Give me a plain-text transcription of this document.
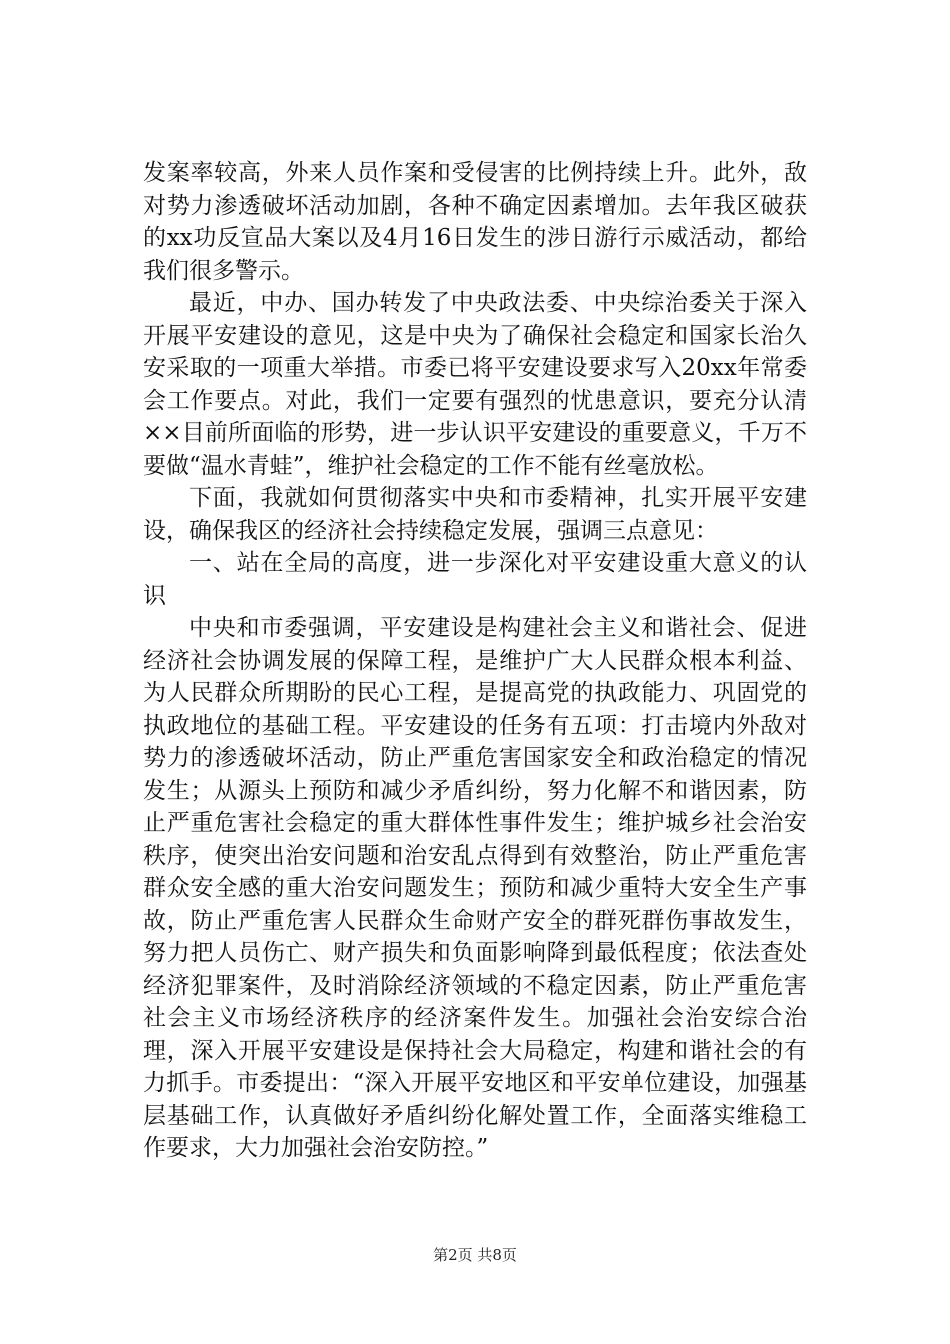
发案率较高，外来人员作案和受侵害的比例持续上升。此外，敌对势力渗透破坏活动加剧，各种不确定因素增加。去年我区破获的xx功反宣品大案以及4月16日发生的涉日游行示威活动，都给我们很多警示。

最近，中办、国办转发了中央政法委、中央综治委关于深入开展平安建设的意见，这是中央为了确保社会稳定和国家长治久安采取的一项重大举措。市委已将平安建设要求写入20xx年常委会工作要点。对此，我们一定要有强烈的忧患意识，要充分认清××目前所面临的形势，进一步认识平安建设的重要意义，千万不要做“温水青蛙”，维护社会稳定的工作不能有丝毫放松。

下面，我就如何贯彻落实中央和市委精神，扎实开展平安建设，确保我区的经济社会持续稳定发展，强调三点意见：

一、站在全局的高度，进一步深化对平安建设重大意义的认识

中央和市委强调，平安建设是构建社会主义和谐社会、促进经济社会协调发展的保障工程，是维护广大人民群众根本利益、为人民群众所期盼的民心工程，是提高党的执政能力、巩固党的执政地位的基础工程。平安建设的任务有五项：打击境内外敌对势力的渗透破坏活动，防止严重危害国家安全和政治稳定的情况发生；从源头上预防和减少矛盾纠纷，努力化解不和谐因素，防止严重危害社会稳定的重大群体性事件发生；维护城乡社会治安秩序，使突出治安问题和治安乱点得到有效整治，防止严重危害群众安全感的重大治安问题发生；预防和减少重特大安全生产事故，防止严重危害人民群众生命财产安全的群死群伤事故发生，努力把人员伤亡、财产损失和负面影响降到最低程度；依法查处经济犯罪案件，及时消除经济领域的不稳定因素，防止严重危害社会主义市场经济秩序的经济案件发生。加强社会治安综合治理，深入开展平安建设是保持社会大局稳定，构建和谐社会的有力抓手。市委提出：“深入开展平安地区和平安单位建设，加强基层基础工作，认真做好矛盾纠纷化解处置工作，全面落实维稳工作要求，大力加强社会治安防控。”

第2页 共8页
